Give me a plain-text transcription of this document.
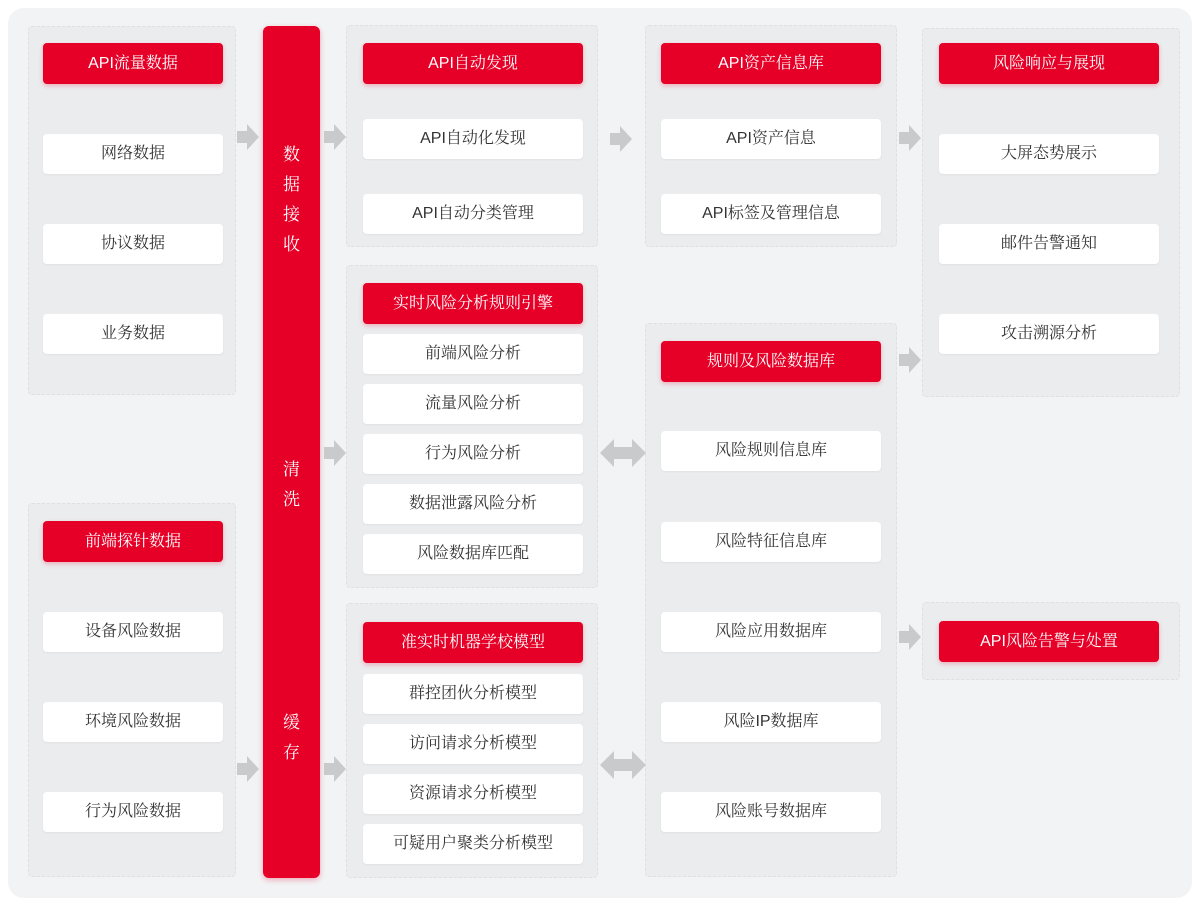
API流量数据
网络数据
协议数据
业务数据
前端探针数据
设备风险数据
环境风险数据
行为风险数据
数据接收
清洗
缓存
API自动发现
API自动化发现
API自动分类管理
实时风险分析规则引擎
前端风险分析
流量风险分析
行为风险分析
数据泄露风险分析
风险数据库匹配
准实时机器学校模型
群控团伙分析模型
访问请求分析模型
资源请求分析模型
可疑用户聚类分析模型
API资产信息库
API资产信息
API标签及管理信息
规则及风险数据库
风险规则信息库
风险特征信息库
风险应用数据库
风险IP数据库
风险账号数据库
风险响应与展现
大屏态势展示
邮件告警通知
攻击溯源分析
API风险告警与处置
